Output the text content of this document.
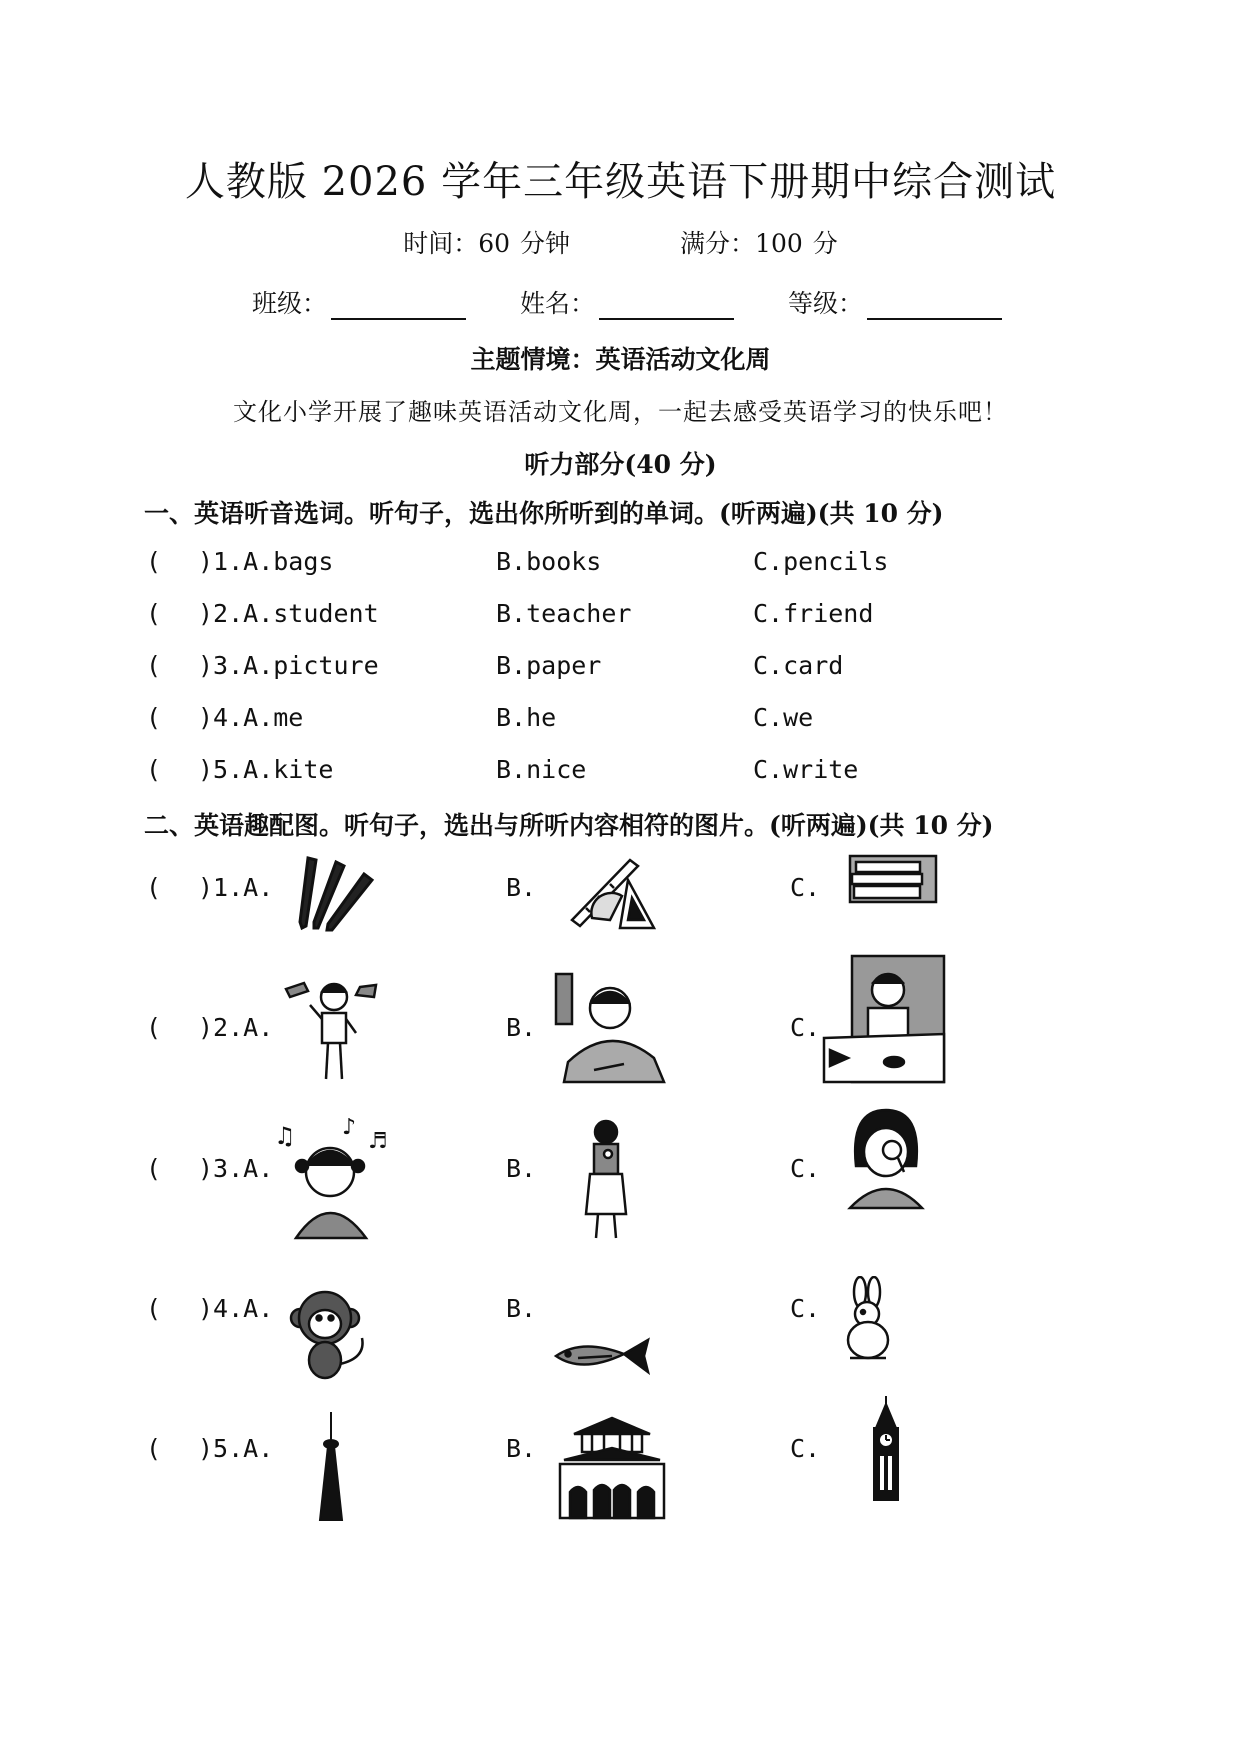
人教版 2026 学年三年级英语下册期中综合测试
时间：60 分钟	满分：100 分
班级：	姓名：	等级：
主题情境：英语活动文化周
文化小学开展了趣味英语活动文化周，一起去感受英语学习的快乐吧！
听力部分(40 分)
一、英语听音选词。听句子，选出你所听到的单词。(听两遍)(共 10 分)
( )1.A.bags	B.books	C.pencils
( )2.A.student	B.teacher	C.friend
( )3.A.picture	B.paper	C.card
( )4.A.me	B.he	C.we
( )5.A.kite	B.nice	C.write
二、英语趣配图。听句子，选出与所听内容相符的图片。(听两遍)(共 10 分)
( )1.A.	B.	C.
( )2.A.	B.	C.
( )3.A.	B.	C.
♫ ♪
♬
( )4.A.	B.	C.
( )5.A.	B.	C.
